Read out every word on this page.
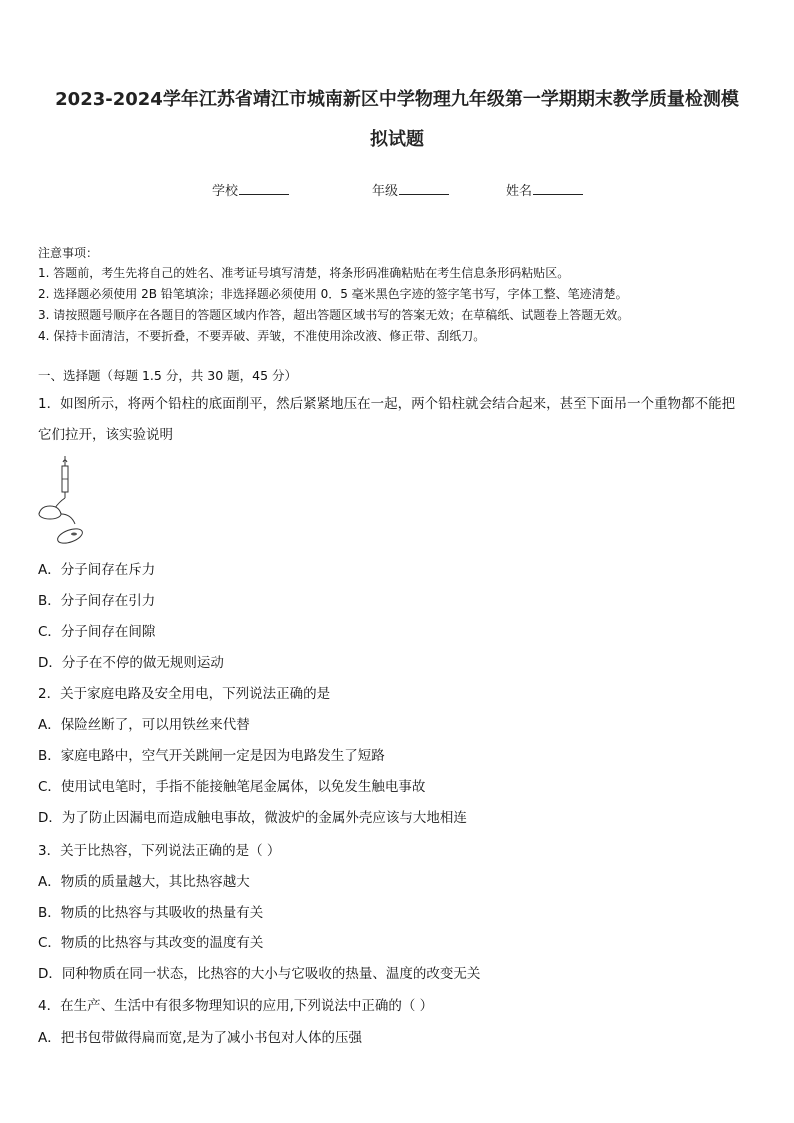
2023-2024学年江苏省靖江市城南新区中学物理九年级第一学期期末教学质量检测模
拟试题
学校	年级	姓名
注意事项：
1. 答题前，考生先将自己的姓名、准考证号填写清楚，将条形码准确粘贴在考生信息条形码粘贴区。
2. 选择题必须使用 2B 铅笔填涂；非选择题必须使用 0．5 毫米黑色字迹的签字笔书写，字体工整、笔迹清楚。
3. 请按照题号顺序在各题目的答题区域内作答，超出答题区域书写的答案无效；在草稿纸、试题卷上答题无效。
4. 保持卡面清洁，不要折叠，不要弄破、弄皱，不准使用涂改液、修正带、刮纸刀。
一、选择题（每题 1.5 分，共 30 题，45 分）
1．如图所示，将两个铅柱的底面削平，然后紧紧地压在一起，两个铅柱就会结合起来，甚至下面吊一个重物都不能把
它们拉开，该实验说明
A．分子间存在斥力
B．分子间存在引力
C．分子间存在间隙
D．分子在不停的做无规则运动
2．关于家庭电路及安全用电，下列说法正确的是
A．保险丝断了，可以用铁丝来代替
B．家庭电路中，空气开关跳闸一定是因为电路发生了短路
C．使用试电笔时，手指不能接触笔尾金属体，以免发生触电事故
D．为了防止因漏电而造成触电事故，微波炉的金属外壳应该与大地相连
3．关于比热容，下列说法正确的是（ ）
A．物质的质量越大，其比热容越大
B．物质的比热容与其吸收的热量有关
C．物质的比热容与其改变的温度有关
D．同种物质在同一状态，比热容的大小与它吸收的热量、温度的改变无关
4．在生产、生活中有很多物理知识的应用,下列说法中正确的（ ）
A．把书包带做得扁而宽,是为了减小书包对人体的压强
